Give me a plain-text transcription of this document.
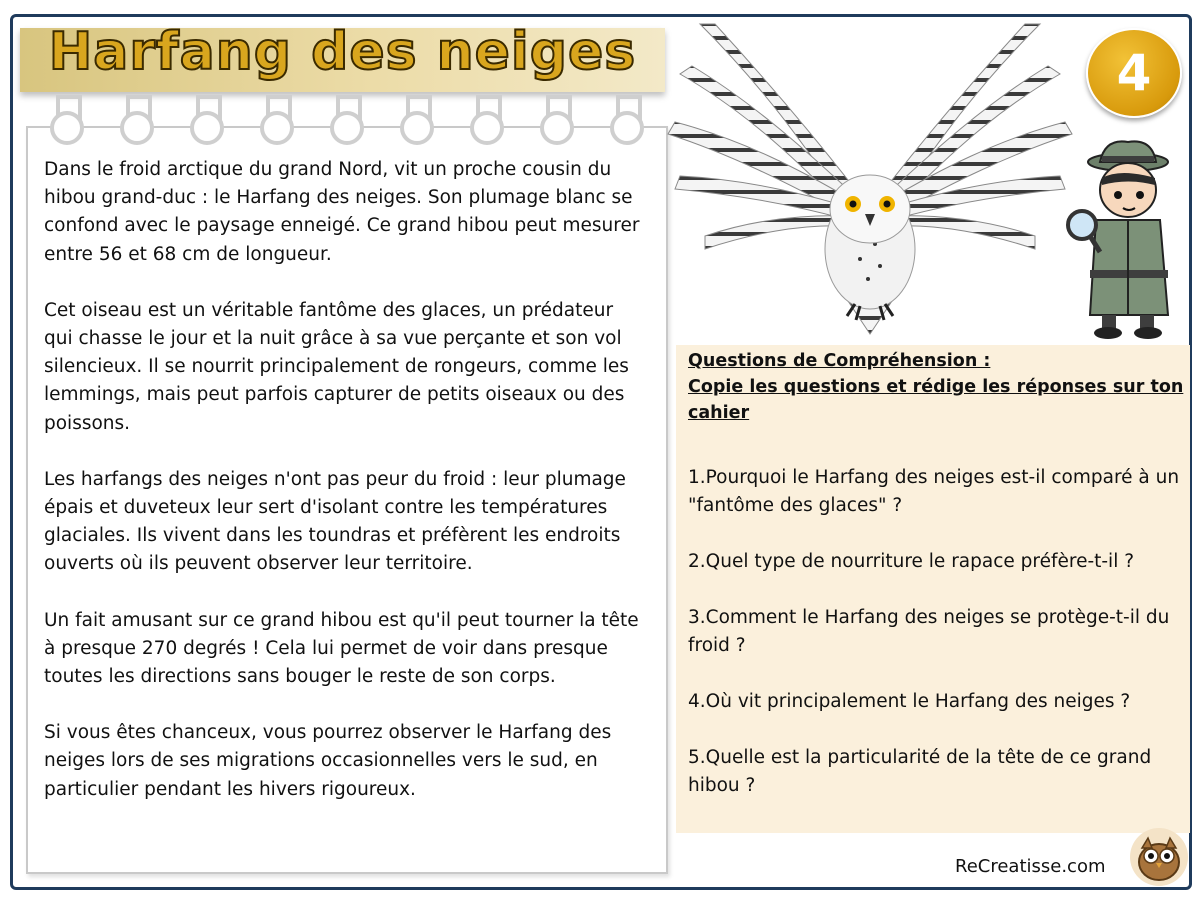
Harfang des neiges

Dans le froid arctique du grand Nord, vit un proche cousin du hibou grand-duc : le Harfang des neiges. Son plumage blanc se confond avec le paysage enneigé. Ce grand hibou peut mesurer entre 56 et 68 cm de longueur.

Cet oiseau est un véritable fantôme des glaces, un prédateur qui chasse le jour et la nuit grâce à sa vue perçante et son vol silencieux. Il se nourrit principalement de rongeurs, comme les lemmings, mais peut parfois capturer de petits oiseaux ou des poissons.

Les harfangs des neiges n'ont pas peur du froid : leur plumage épais et duveteux leur sert d'isolant contre les températures glaciales. Ils vivent dans les toundras et préfèrent les endroits ouverts où ils peuvent observer leur territoire.

Un fait amusant sur ce grand hibou est qu'il peut tourner la tête à presque 270 degrés ! Cela lui permet de voir dans presque toutes les directions sans bouger le reste de son corps.

Si vous êtes chanceux, vous pourrez observer le Harfang des neiges lors de ses migrations occasionnelles vers le sud, en particulier pendant les hivers rigoureux.

4
Questions de Compréhension :
Copie les questions et rédige les réponses sur ton cahier

1.Pourquoi le Harfang des neiges est-il comparé à un "fantôme des glaces" ?

2.Quel type de nourriture le rapace préfère-t-il ?

3.Comment le Harfang des neiges se protège-t-il du froid ?

4.Où vit principalement le Harfang des neiges ?

5.Quelle est la particularité de la tête de ce grand hibou ?

ReCreatisse.com
